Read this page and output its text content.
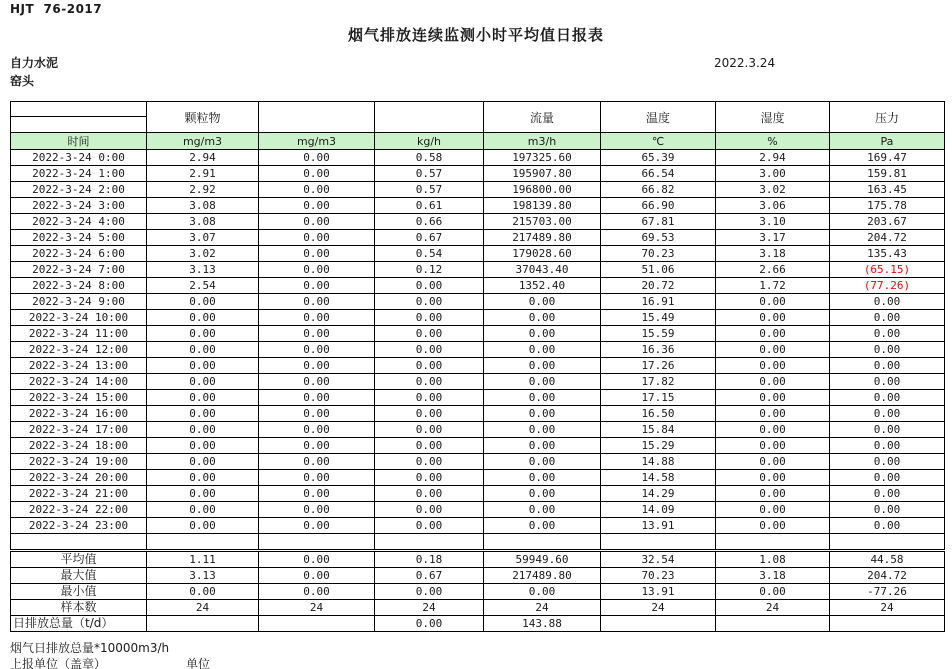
HJT  76-2017
烟气排放连续监测小时平均值日报表
自力水泥	2022.3.24
窑头
	颗粒物			流量	温度	湿度	压力
时间	mg/m3	mg/m3	kg/h	m3/h	℃	%	Pa
2022-3-24 0:00	2.94	0.00	0.58	197325.60	65.39	2.94	169.47
2022-3-24 1:00	2.91	0.00	0.57	195907.80	66.54	3.00	159.81
2022-3-24 2:00	2.92	0.00	0.57	196800.00	66.82	3.02	163.45
2022-3-24 3:00	3.08	0.00	0.61	198139.80	66.90	3.06	175.78
2022-3-24 4:00	3.08	0.00	0.66	215703.00	67.81	3.10	203.67
2022-3-24 5:00	3.07	0.00	0.67	217489.80	69.53	3.17	204.72
2022-3-24 6:00	3.02	0.00	0.54	179028.60	70.23	3.18	135.43
2022-3-24 7:00	3.13	0.00	0.12	37043.40	51.06	2.66	(65.15)
2022-3-24 8:00	2.54	0.00	0.00	1352.40	20.72	1.72	(77.26)
2022-3-24 9:00	0.00	0.00	0.00	0.00	16.91	0.00	0.00
2022-3-24 10:00	0.00	0.00	0.00	0.00	15.49	0.00	0.00
2022-3-24 11:00	0.00	0.00	0.00	0.00	15.59	0.00	0.00
2022-3-24 12:00	0.00	0.00	0.00	0.00	16.36	0.00	0.00
2022-3-24 13:00	0.00	0.00	0.00	0.00	17.26	0.00	0.00
2022-3-24 14:00	0.00	0.00	0.00	0.00	17.82	0.00	0.00
2022-3-24 15:00	0.00	0.00	0.00	0.00	17.15	0.00	0.00
2022-3-24 16:00	0.00	0.00	0.00	0.00	16.50	0.00	0.00
2022-3-24 17:00	0.00	0.00	0.00	0.00	15.84	0.00	0.00
2022-3-24 18:00	0.00	0.00	0.00	0.00	15.29	0.00	0.00
2022-3-24 19:00	0.00	0.00	0.00	0.00	14.88	0.00	0.00
2022-3-24 20:00	0.00	0.00	0.00	0.00	14.58	0.00	0.00
2022-3-24 21:00	0.00	0.00	0.00	0.00	14.29	0.00	0.00
2022-3-24 22:00	0.00	0.00	0.00	0.00	14.09	0.00	0.00
2022-3-24 23:00	0.00	0.00	0.00	0.00	13.91	0.00	0.00

平均值	1.11	0.00	0.18	59949.60	32.54	1.08	44.58
最大值	3.13	0.00	0.67	217489.80	70.23	3.18	204.72
最小值	0.00	0.00	0.00	0.00	13.91	0.00	-77.26
样本数	24	24	24	24	24	24	24
日排放总量（t/d）			0.00	143.88			
烟气日排放总量*10000m3/h
上报单位（盖章）	单位
